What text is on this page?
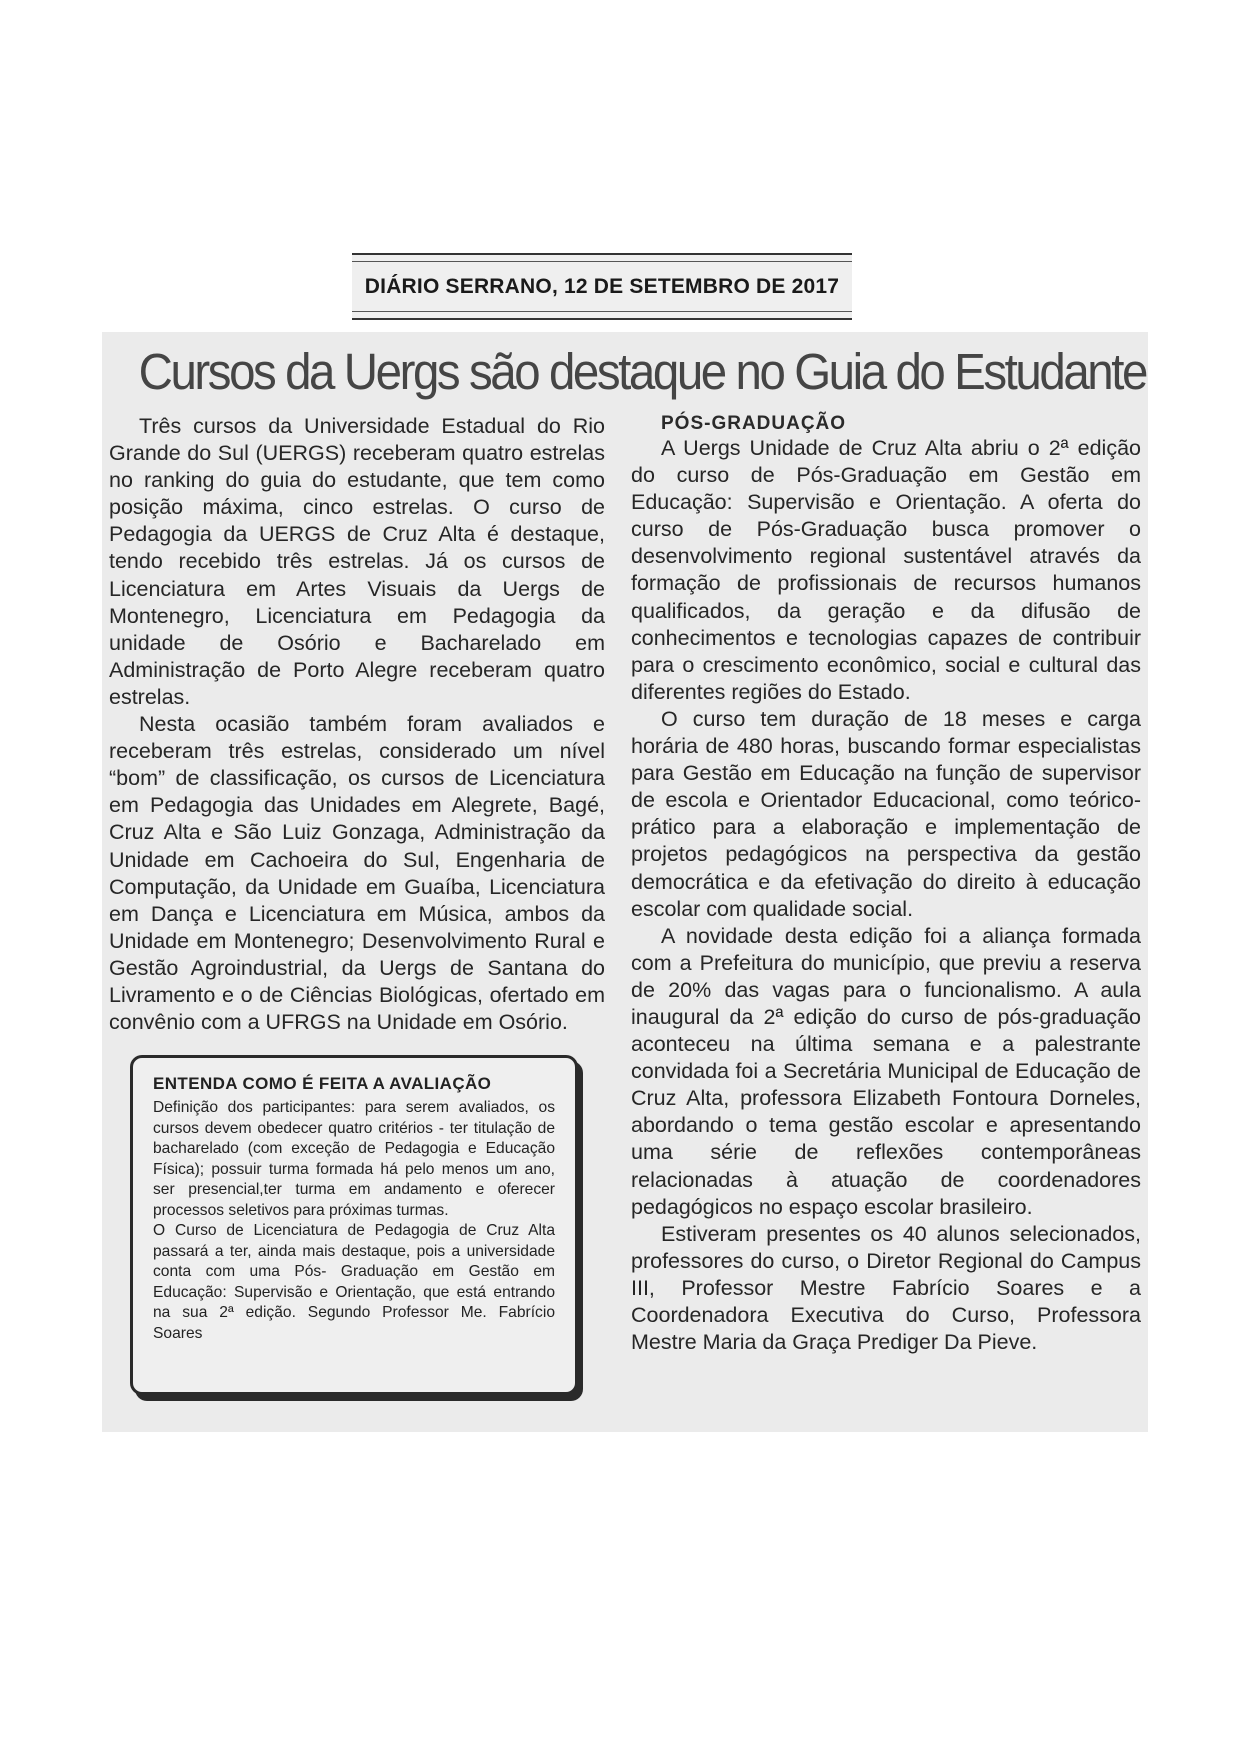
DIÁRIO SERRANO, 12 DE SETEMBRO DE 2017
Cursos da Uergs são destaque no Guia do Estudante

Três cursos da Universidade Estadual do Rio Grande do Sul (UERGS) receberam quatro estrelas no ranking do guia do estudante, que tem como posição máxima, cinco estrelas. O curso de Pedagogia da UERGS de Cruz Alta é destaque, tendo recebido três estrelas. Já os cursos de Licenciatura em Artes Visuais da Uergs de Montenegro, Licenciatura em Pedagogia da unidade de Osório e Bacharelado em Administração de Porto Alegre receberam quatro estrelas.

Nesta ocasião também foram avaliados e receberam três estrelas, considerado um nível “bom” de classificação, os cursos de Licenciatura em Pedagogia das Unidades em Alegrete, Bagé, Cruz Alta e São Luiz Gonzaga, Administração da Unidade em Cachoeira do Sul, Engenharia de Computação, da Unidade em Guaíba, Licenciatura em Dança e Licenciatura em Música, ambos da Unidade em Montenegro; Desenvolvimento Rural e Gestão Agroindustrial, da Uergs de Santana do Livramento e o de Ciências Biológicas, ofertado em convênio com a UFRGS na Unidade em Osório.

PÓS-GRADUAÇÃO

A Uergs Unidade de Cruz Alta abriu o 2ª edição do curso de Pós-Graduação em Gestão em Educação: Supervisão e Orientação. A oferta do curso de Pós-Graduação busca promover o desenvolvimento regional sustentável através da formação de profissionais de recursos humanos qualificados, da geração e da difusão de conhecimentos e tecnologias capazes de contribuir para o crescimento econômico, social e cultural das diferentes regiões do Estado.

O curso tem duração de 18 meses e carga horária de 480 horas, buscando formar especialistas para Gestão em Educação na função de supervisor de escola e Orientador Educacional, como teórico-prático para a elaboração e implementação de projetos pedagógicos na perspectiva da gestão democrática e da efetivação do direito à educação escolar com qualidade social.

A novidade desta edição foi a aliança formada com a Prefeitura do município, que previu a reserva de 20% das vagas para o funcionalismo. A aula inaugural da 2ª edição do curso de pós-graduação aconteceu na última semana e a palestrante convidada foi a Secretária Municipal de Educação de Cruz Alta, professora Elizabeth Fontoura Dorneles, abordando o tema gestão escolar e apresentando uma série de reflexões contemporâneas relacionadas à atuação de coordenadores pedagógicos no espaço escolar brasileiro.

Estiveram presentes os 40 alunos selecionados, professores do curso, o Diretor Regional do Campus III, Professor Mestre Fabrício Soares e a Coordenadora Executiva do Curso, Professora Mestre Maria da Graça Prediger Da Pieve.

ENTENDA COMO É FEITA A AVALIAÇÃO

Definição dos participantes: para serem avaliados, os cursos devem obedecer quatro critérios - ter titulação de bacharelado (com exceção de Pedagogia e Educação Física); possuir turma formada há pelo menos um ano, ser presencial,ter turma em andamento e oferecer processos seletivos para próximas turmas.

O Curso de Licenciatura de Pedagogia de Cruz Alta passará a ter, ainda mais destaque, pois a universidade conta com uma Pós- Graduação em Gestão em Educação: Supervisão e Orientação, que está entrando na sua 2ª edição. Segundo Professor Me. Fabrício Soares
